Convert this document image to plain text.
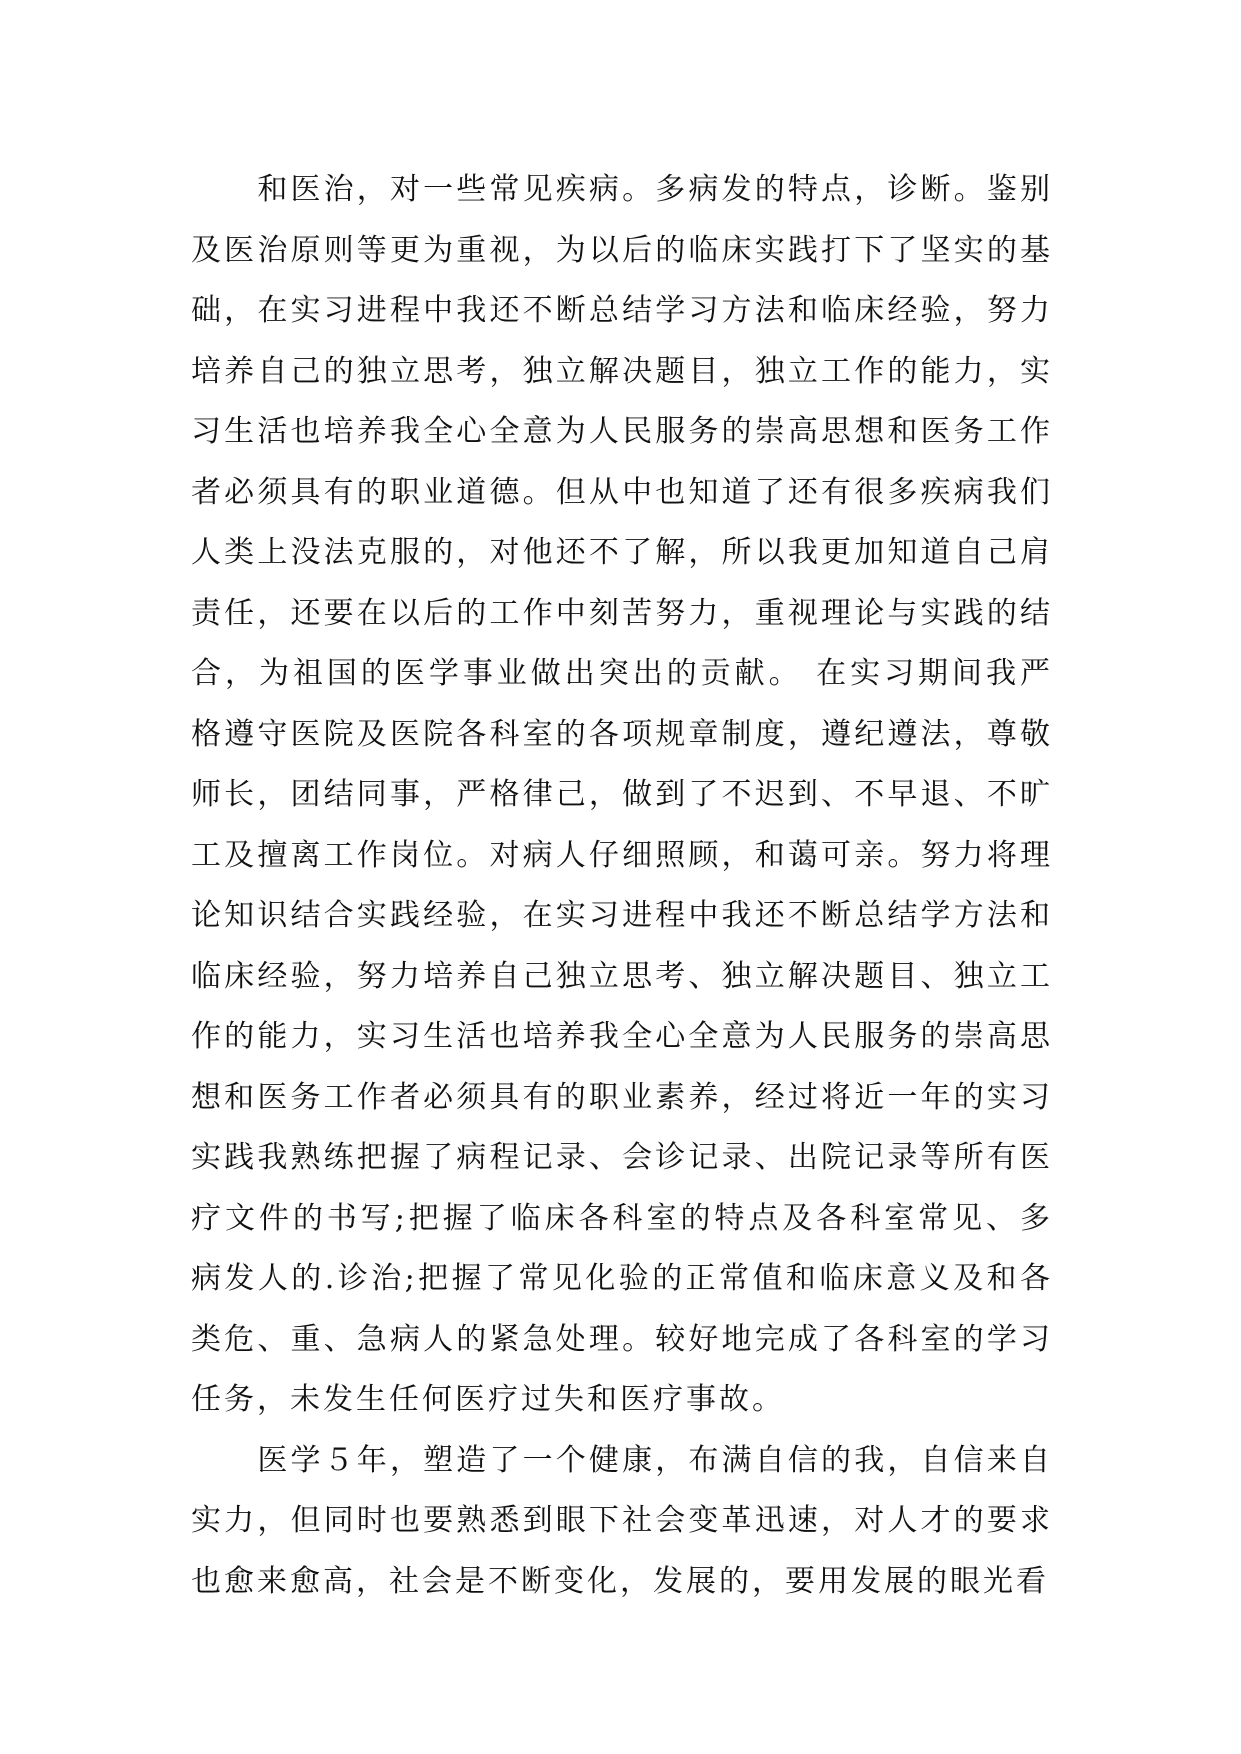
　　和医治，对一些常见疾病。多病发的特点，诊断。鉴别及医治原则等更为重视，为以后的临床实践打下了坚实的基础，在实习进程中我还不断总结学习方法和临床经验，努力培养自己的独立思考，独立解决题目，独立工作的能力，实习生活也培养我全心全意为人民服务的崇高思想和医务工作者必须具有的职业道德。但从中也知道了还有很多疾病我们人类上没法克服的，对他还不了解，所以我更加知道自己肩责任，还要在以后的工作中刻苦努力，重视理论与实践的结合，为祖国的医学事业做出突出的贡献。 在实习期间我严格遵守医院及医院各科室的各项规章制度，遵纪遵法，尊敬师长，团结同事，严格律己，做到了不迟到、不早退、不旷工及擅离工作岗位。对病人仔细照顾，和蔼可亲。努力将理论知识结合实践经验，在实习进程中我还不断总结学方法和临床经验，努力培养自己独立思考、独立解决题目、独立工作的能力，实习生活也培养我全心全意为人民服务的崇高思想和医务工作者必须具有的职业素养，经过将近一年的实习实践我熟练把握了病程记录、会诊记录、出院记录等所有医疗文件的书写;把握了临床各科室的特点及各科室常见、多病发人的.诊治;把握了常见化验的正常值和临床意义及和各类危、重、急病人的紧急处理。较好地完成了各科室的学习任务，未发生任何医疗过失和医疗事故。

　　医学５年，塑造了一个健康，布满自信的我，自信来自实力，但同时也要熟悉到眼下社会变革迅速，对人才的要求也愈来愈高，社会是不断变化，发展的，要用发展的眼光看
